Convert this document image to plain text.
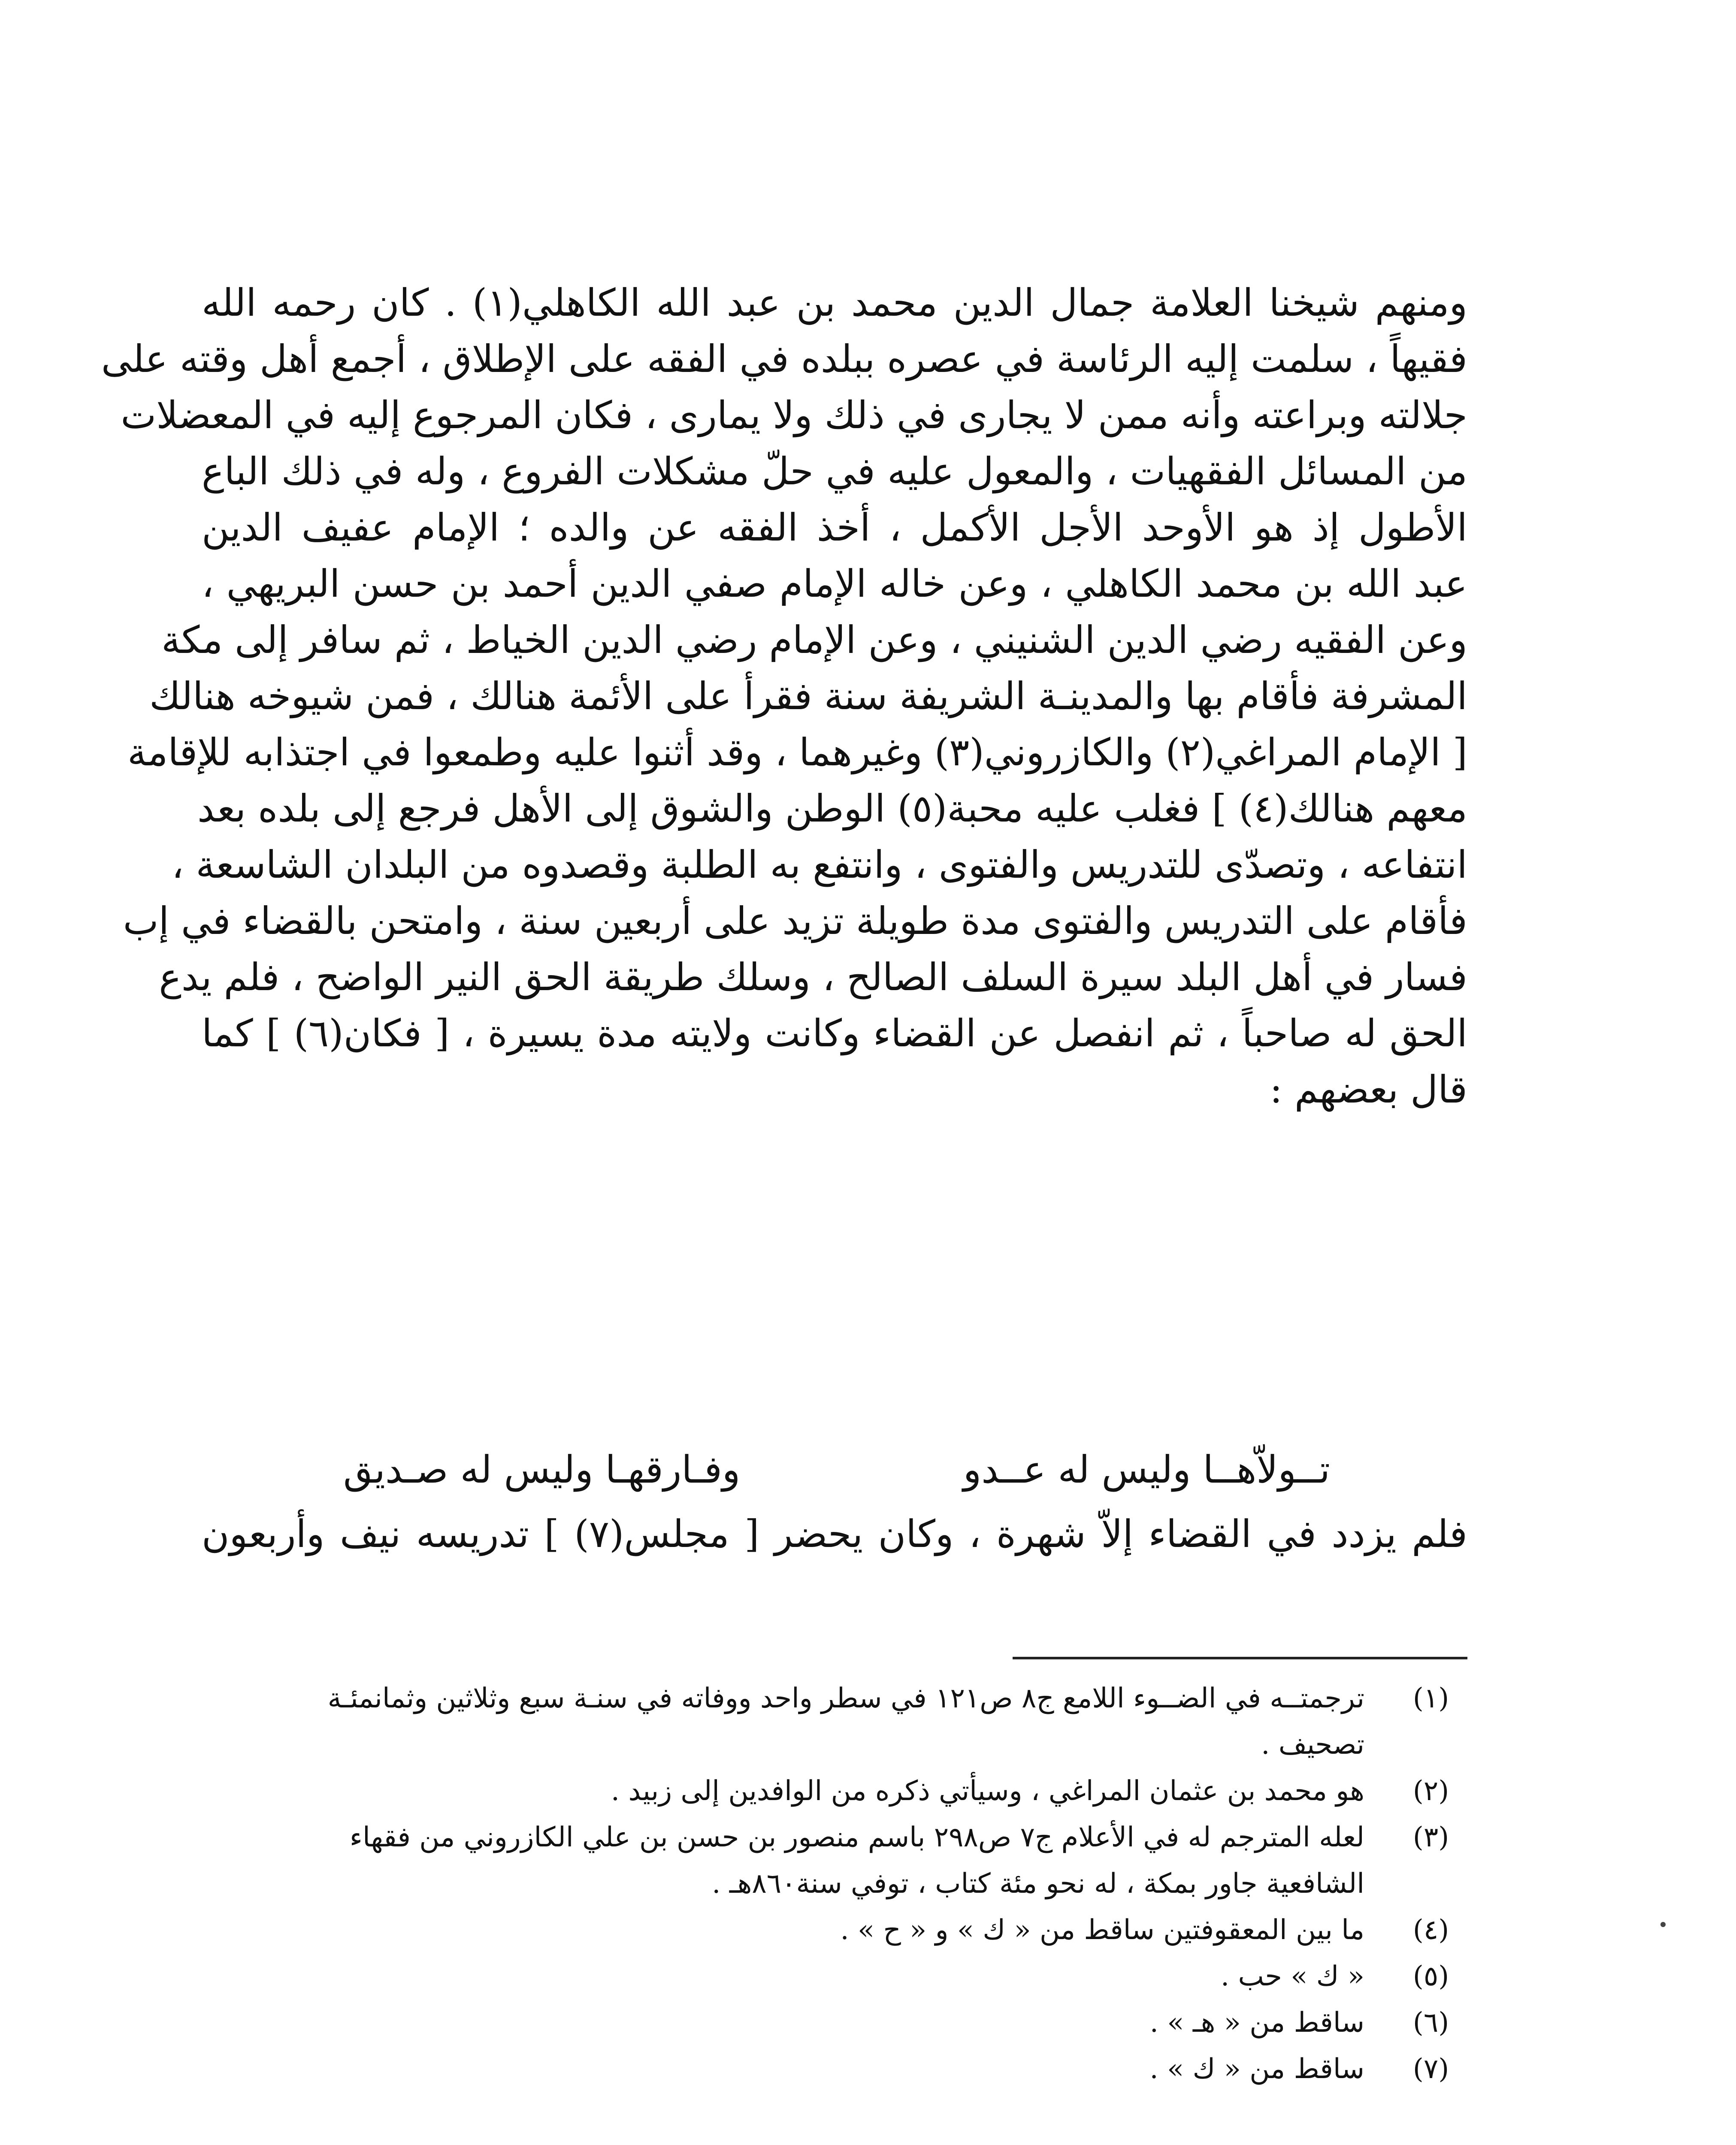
ومنهم شيخنا العلامة جمال الدين محمد بن عبد الله الكاهلي(١) . كان رحمه الله
فقيهاً ، سلمت إليه الرئاسة في عصره ببلده في الفقه على الإطلاق ، أجمع أهل وقته على
جلالته وبراعته وأنه ممن لا يجارى في ذلك ولا يمارى ، فكان المرجوع إليه في المعضلات
من المسائل الفقهيات ، والمعول عليه في حلّ مشكلات الفروع ، وله في ذلك الباع
الأطول إذ هو الأوحد الأجل الأكمل ، أخذ الفقه عن والده ؛ الإمام عفيف الدين
عبد الله بن محمد الكاهلي ، وعن خاله الإمام صفي الدين أحمد بن حسن البريهي ،
وعن الفقيه رضي الدين الشنيني ، وعن الإمام رضي الدين الخياط ، ثم سافر إلى مكة
المشرفة فأقام بها والمدينـة الشريفة سنة فقرأ على الأئمة هنالك ، فمن شيوخه هنالك
[ الإمام المراغي(٢) والكازروني(٣) وغيرهما ، وقد أثنوا عليه وطمعوا في اجتذابه للإقامة
معهم هنالك(٤) ] فغلب عليه محبة(٥) الوطن والشوق إلى الأهل فرجع إلى بلده بعد
انتفاعه ، وتصدّى للتدريس والفتوى ، وانتفع به الطلبة وقصدوه من البلدان الشاسعة ،
فأقام على التدريس والفتوى مدة طويلة تزيد على أربعين سنة ، وامتحن بالقضاء في إب
فسار في أهل البلد سيرة السلف الصالح ، وسلك طريقة الحق النير الواضح ، فلم يدع
الحق له صاحباً ، ثم انفصل عن القضاء وكانت ولايته مدة يسيرة ، [ فكان(٦) ] كما
قال بعضهم :
تــولاّهــا وليس له عــدو
وفـارقهـا وليس له صـديق
فلم يزدد في القضاء إلاّ شهرة ، وكان يحضر [ مجلس(٧) ] تدريسه نيف وأربعون
(١)
ترجمتــه في الضــوء اللامع ج٨ ص١٢١ في سطر واحد ووفاته في سنـة سبع وثلاثين وثمانمئـة
تصحيف .
(٢)
هو محمد بن عثمان المراغي ، وسيأتي ذكره من الوافدين إلى زبيد .
(٣)
لعله المترجم له في الأعلام ج٧ ص٢٩٨ باسم منصور بن حسن بن علي الكازروني من فقهاء
الشافعية جاور بمكة ، له نحو مئة كتاب ، توفي سنة٨٦٠هـ .
(٤)
ما بين المعقوفتين ساقط من « ك » و « ح » .
(٥)
« ك » حب .
(٦)
ساقط من « هـ » .
(٧)
ساقط من « ك » .
